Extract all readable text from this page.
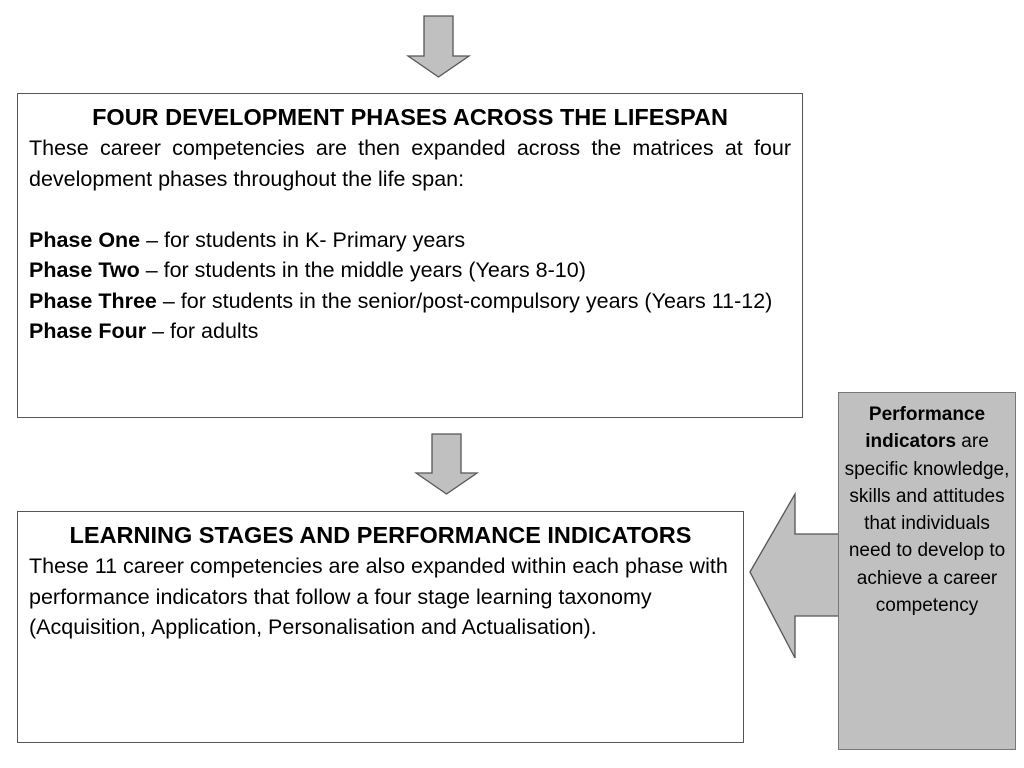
FOUR DEVELOPMENT PHASES ACROSS THE LIFESPAN

These career competencies are then expanded across the matrices at four development phases throughout the life span:

Phase One – for students in K- Primary years

Phase Two – for students in the middle years (Years 8-10)

Phase Three – for students in the senior/post-compulsory years (Years 11-12)

Phase Four – for adults

LEARNING STAGES AND PERFORMANCE INDICATORS

These 11 career competencies are also expanded within each phase with performance indicators that follow a four stage learning taxonomy (Acquisition, Application, Personalisation and Actualisation).

Performance indicators are specific knowledge, skills and attitudes that individuals need to develop to achieve a career competency
